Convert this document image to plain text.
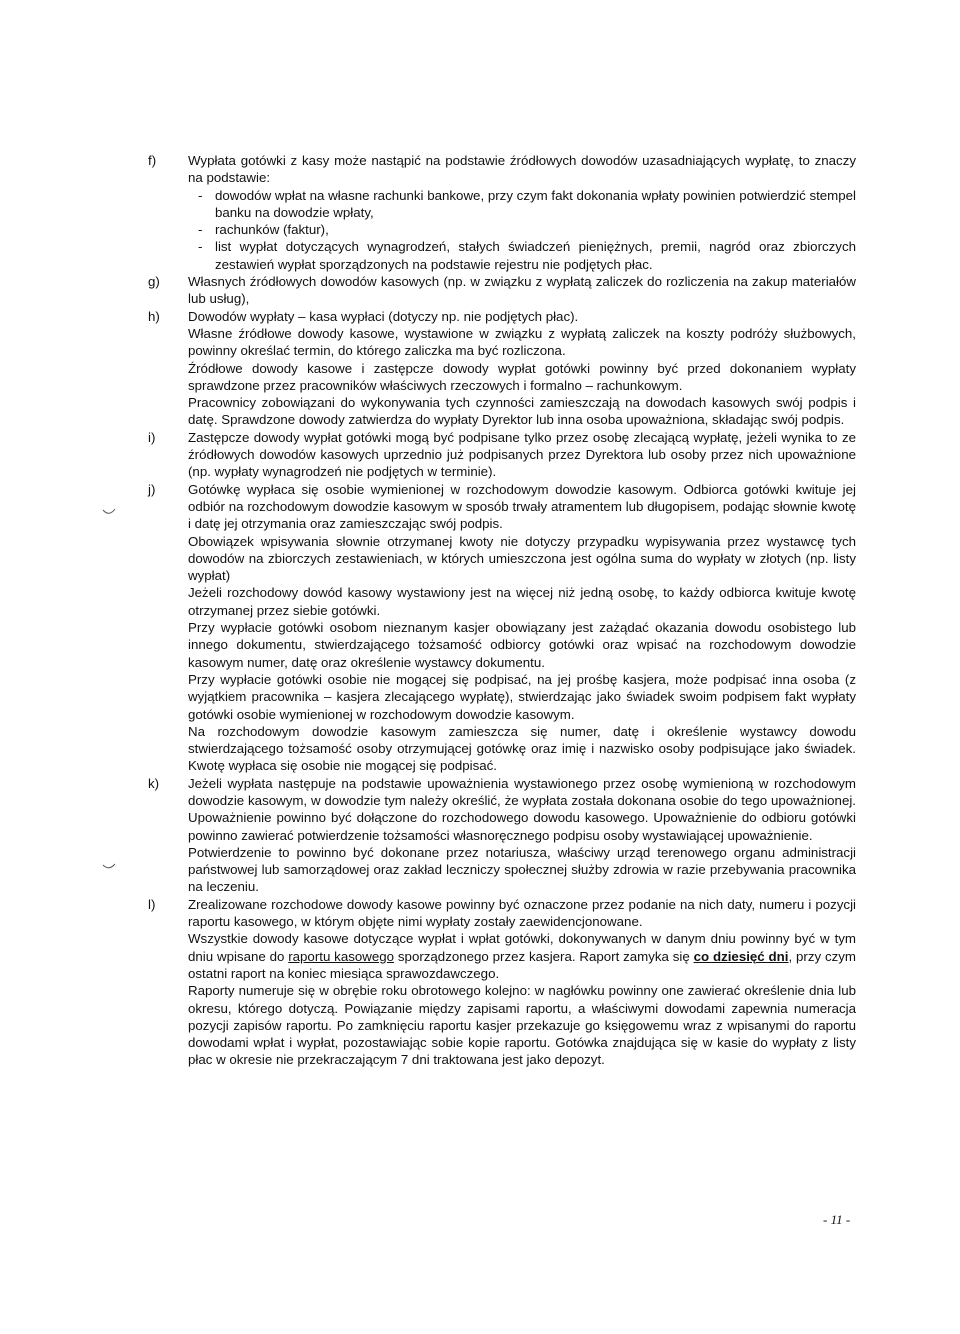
f) Wypłata gotówki z kasy może nastąpić na podstawie źródłowych dowodów uzasadniających wypłatę, to znaczy na podstawie:

- dowodów wpłat na własne rachunki bankowe, przy czym fakt dokonania wpłaty powinien potwierdzić stempel banku na dowodzie wpłaty,

- rachunków (faktur),

- list wypłat dotyczących wynagrodzeń, stałych świadczeń pieniężnych, premii, nagród oraz zbiorczych zestawień wypłat sporządzonych na podstawie rejestru nie podjętych płac.

g) Własnych źródłowych dowodów kasowych (np. w związku z wypłatą zaliczek do rozliczenia na zakup materiałów lub usług),

h) Dowodów wypłaty – kasa wypłaci (dotyczy np. nie podjętych płac).

Własne źródłowe dowody kasowe, wystawione w związku z wypłatą zaliczek na koszty podróży służbowych, powinny określać termin, do którego zaliczka ma być rozliczona.

Źródłowe dowody kasowe i zastępcze dowody wypłat gotówki powinny być przed dokonaniem wypłaty sprawdzone przez pracowników właściwych rzeczowych i formalno – rachunkowym.

Pracownicy zobowiązani do wykonywania tych czynności zamieszczają na dowodach kasowych swój podpis i datę. Sprawdzone dowody zatwierdza do wypłaty Dyrektor lub inna osoba upoważniona, składając swój podpis.

i) Zastępcze dowody wypłat gotówki mogą być podpisane tylko przez osobę zlecającą wypłatę, jeżeli wynika to ze źródłowych dowodów kasowych uprzednio już podpisanych przez Dyrektora lub osoby przez nich upoważnione (np. wypłaty wynagrodzeń nie podjętych w terminie).

j) Gotówkę wypłaca się osobie wymienionej w rozchodowym dowodzie kasowym. Odbiorca gotówki kwituje jej odbiór na rozchodowym dowodzie kasowym w sposób trwały atramentem lub długopisem, podając słownie kwotę i datę jej otrzymania oraz zamieszczając swój podpis.

Obowiązek wpisywania słownie otrzymanej kwoty nie dotyczy przypadku wypisywania przez wystawcę tych dowodów na zbiorczych zestawieniach, w których umieszczona jest ogólna suma do wypłaty w złotych (np. listy wypłat)

Jeżeli rozchodowy dowód kasowy wystawiony jest na więcej niż jedną osobę, to każdy odbiorca kwituje kwotę otrzymanej przez siebie gotówki.

Przy wypłacie gotówki osobom nieznanym kasjer obowiązany jest zażądać okazania dowodu osobistego lub innego dokumentu, stwierdzającego tożsamość odbiorcy gotówki oraz wpisać na rozchodowym dowodzie kasowym numer, datę oraz określenie wystawcy dokumentu.

Przy wypłacie gotówki osobie nie mogącej się podpisać, na jej prośbę kasjera, może podpisać inna osoba (z wyjątkiem pracownika – kasjera zlecającego wypłatę), stwierdzając jako świadek swoim podpisem fakt wypłaty gotówki osobie wymienionej w rozchodowym dowodzie kasowym.

Na rozchodowym dowodzie kasowym zamieszcza się numer, datę i określenie wystawcy dowodu stwierdzającego tożsamość osoby otrzymującej gotówkę oraz imię i nazwisko osoby podpisujące jako świadek. Kwotę wypłaca się osobie nie mogącej się podpisać.

k) Jeżeli wypłata następuje na podstawie upoważnienia wystawionego przez osobę wymienioną w rozchodowym dowodzie kasowym, w dowodzie tym należy określić, że wypłata została dokonana osobie do tego upoważnionej. Upoważnienie powinno być dołączone do rozchodowego dowodu kasowego. Upoważnienie do odbioru gotówki powinno zawierać potwierdzenie tożsamości własnoręcznego podpisu osoby wystawiającej upoważnienie.

Potwierdzenie to powinno być dokonane przez notariusza, właściwy urząd terenowego organu administracji państwowej lub samorządowej oraz zakład leczniczy społecznej służby zdrowia w razie przebywania pracownika na leczeniu.

l) Zrealizowane rozchodowe dowody kasowe powinny być oznaczone przez podanie na nich daty, numeru i pozycji raportu kasowego, w którym objęte nimi wypłaty zostały zaewidencjonowane.

Wszystkie dowody kasowe dotyczące wypłat i wpłat gotówki, dokonywanych w danym dniu powinny być w tym dniu wpisane do raportu kasowego sporządzonego przez kasjera. Raport zamyka się co dziesięć dni, przy czym ostatni raport na koniec miesiąca sprawozdawczego.

Raporty numeruje się w obrębie roku obrotowego kolejno: w nagłówku powinny one zawierać określenie dnia lub okresu, którego dotyczą. Powiązanie między zapisami raportu, a właściwymi dowodami zapewnia numeracja pozycji zapisów raportu. Po zamknięciu raportu kasjer przekazuje go księgowemu wraz z wpisanymi do raportu dowodami wpłat i wypłat, pozostawiając sobie kopie raportu. Gotówka znajdująca się w kasie do wypłaty z listy płac w okresie nie przekraczającym 7 dni traktowana jest jako depozyt.

- 11 -
